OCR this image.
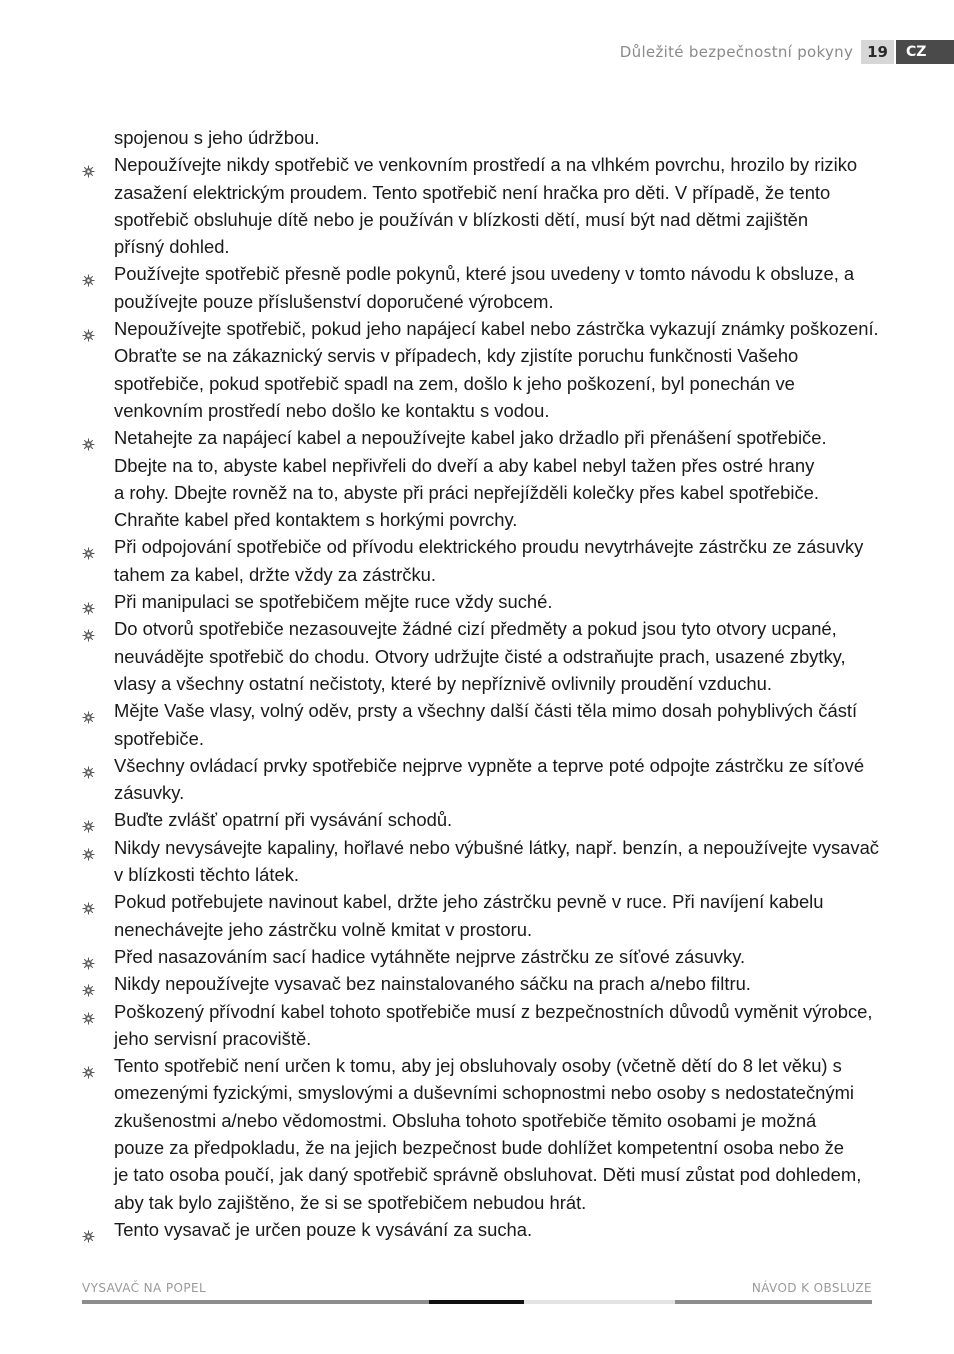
Důležité bezpečnostní pokyny 19	CZ
spojenou s jeho údržbou.
Nepoužívejte nikdy spotřebič ve venkovním prostředí a na vlhkém povrchu, hrozilo by riziko
zasažení elektrickým proudem. Tento spotřebič není hračka pro děti. V případě, že tento
spotřebič obsluhuje dítě nebo je používán v blízkosti dětí, musí být nad dětmi zajištěn
přísný dohled.
Používejte spotřebič přesně podle pokynů, které jsou uvedeny v tomto návodu k obsluze, a
používejte pouze příslušenství doporučené výrobcem.
Nepoužívejte spotřebič, pokud jeho napájecí kabel nebo zástrčka vykazují známky poškození.
Obraťte se na zákaznický servis v případech, kdy zjistíte poruchu funkčnosti Vašeho
spotřebiče, pokud spotřebič spadl na zem, došlo k jeho poškození, byl ponechán ve
venkovním prostředí nebo došlo ke kontaktu s vodou.
Netahejte za napájecí kabel a nepoužívejte kabel jako držadlo při přenášení spotřebiče.
Dbejte na to, abyste kabel nepřivřeli do dveří a aby kabel nebyl tažen přes ostré hrany
a rohy. Dbejte rovněž na to, abyste při práci nepřejížděli kolečky přes kabel spotřebiče.
Chraňte kabel před kontaktem s horkými povrchy.
Při odpojování spotřebiče od přívodu elektrického proudu nevytrhávejte zástrčku ze zásuvky
tahem za kabel, držte vždy za zástrčku.
Při manipulaci se spotřebičem mějte ruce vždy suché.
Do otvorů spotřebiče nezasouvejte žádné cizí předměty a pokud jsou tyto otvory ucpané,
neuvádějte spotřebič do chodu. Otvory udržujte čisté a odstraňujte prach, usazené zbytky,
vlasy a všechny ostatní nečistoty, které by nepříznivě ovlivnily proudění vzduchu.
Mějte Vaše vlasy, volný oděv, prsty a všechny další části těla mimo dosah pohyblivých částí
spotřebiče.
Všechny ovládací prvky spotřebiče nejprve vypněte a teprve poté odpojte zástrčku ze síťové
zásuvky.
Buďte zvlášť opatrní při vysávání schodů.
Nikdy nevysávejte kapaliny, hořlavé nebo výbušné látky, např. benzín, a nepoužívejte vysavač
v blízkosti těchto látek.
Pokud potřebujete navinout kabel, držte jeho zástrčku pevně v ruce. Při navíjení kabelu
nenechávejte jeho zástrčku volně kmitat v prostoru.
Před nasazováním sací hadice vytáhněte nejprve zástrčku ze síťové zásuvky.
Nikdy nepoužívejte vysavač bez nainstalovaného sáčku na prach a/nebo filtru.
Poškozený přívodní kabel tohoto spotřebiče musí z bezpečnostních důvodů vyměnit výrobce,
jeho servisní pracoviště.
Tento spotřebič není určen k tomu, aby jej obsluhovaly osoby (včetně dětí do 8 let věku) s
omezenými fyzickými, smyslovými a duševními schopnostmi nebo osoby s nedostatečnými
zkušenostmi a/nebo vědomostmi. Obsluha tohoto spotřebiče těmito osobami je možná
pouze za předpokladu, že na jejich bezpečnost bude dohlížet kompetentní osoba nebo že
je tato osoba poučí, jak daný spotřebič správně obsluhovat. Děti musí zůstat pod dohledem,
aby tak bylo zajištěno, že si se spotřebičem nebudou hrát.
Tento vysavač je určen pouze k vysávání za sucha.
VYSAVAČ NA POPEL	NÁVOD K OBSLUZE
